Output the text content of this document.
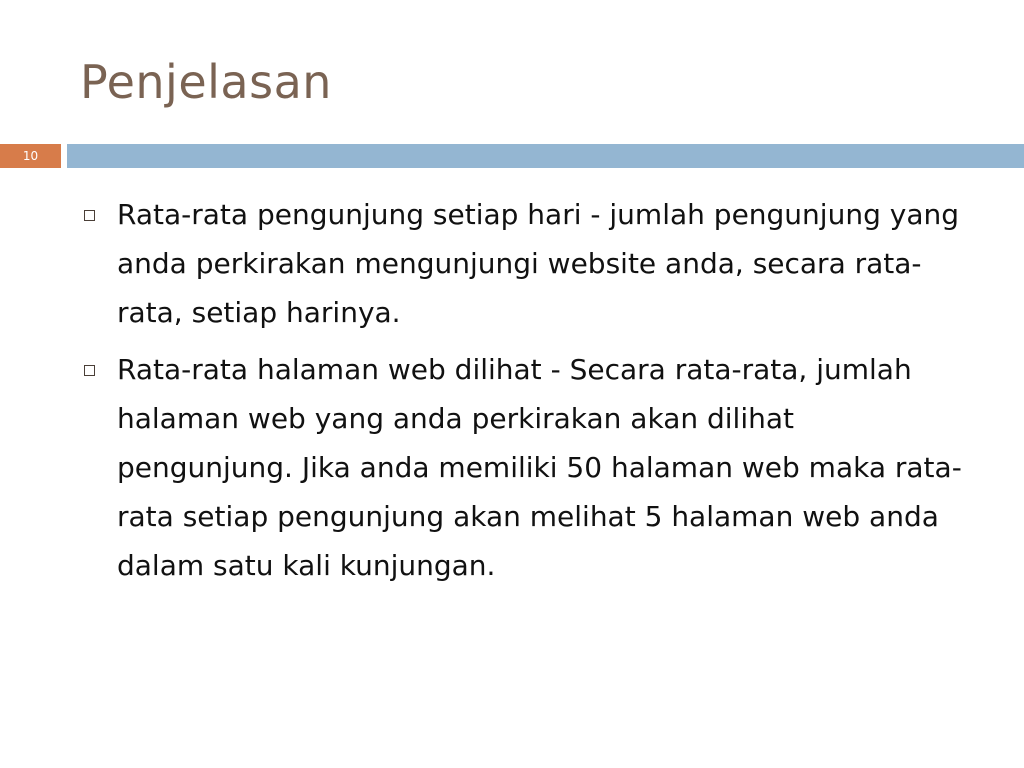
Penjelasan
10
Rata-rata pengunjung setiap hari - jumlah pengunjung yang anda perkirakan mengunjungi website anda, secara rata-rata, setiap harinya.
Rata-rata halaman web dilihat - Secara rata-rata, jumlah halaman web yang anda perkirakan akan dilihat pengunjung. Jika anda memiliki 50 halaman web maka rata-rata setiap pengunjung akan melihat 5 halaman web anda dalam satu kali kunjungan.
